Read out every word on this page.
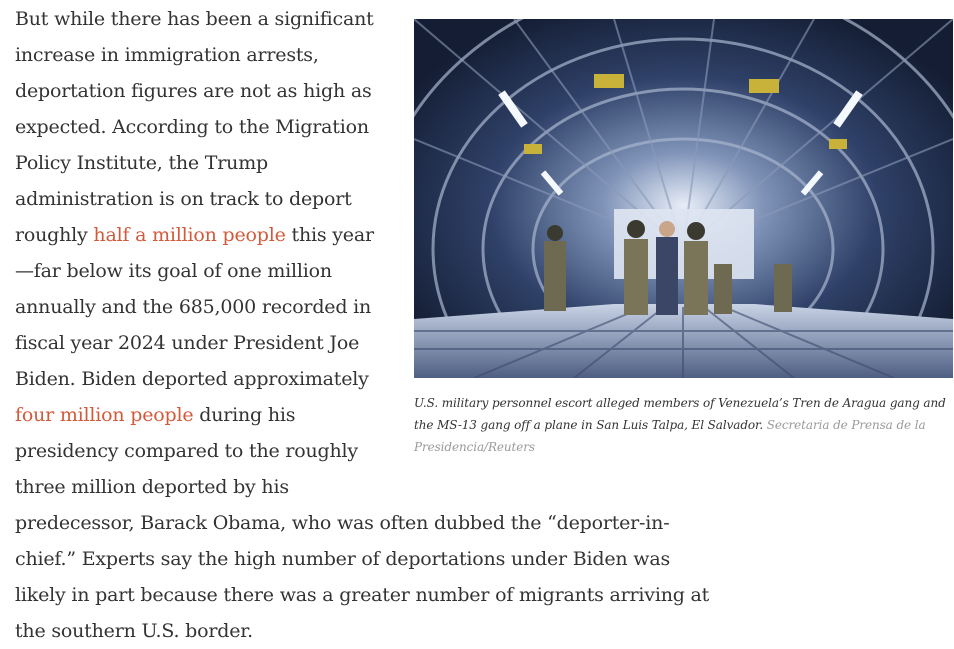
U.S. military personnel escort alleged members of Venezuela’s Tren de Aragua gang and the MS-13 gang off a plane in San Luis Talpa, El Salvador. Secretaria de Prensa de la Presidencia/Reuters

But while there has been a significant increase in immigration arrests, deportation figures are not as high as expected. According to the Migration Policy Institute, the Trump administration is on track to deport roughly half a million people this year—far below its goal of one million annually and the 685,000 recorded in fiscal year 2024 under President Joe Biden. Biden deported approximately four million people during his presidency compared to the roughly three million deported by his predecessor, Barack Obama, who was often dubbed the “deporter-in-chief.” Experts say the high number of deportations under Biden was likely in part because there was a greater number of migrants arriving at the southern U.S. border.
